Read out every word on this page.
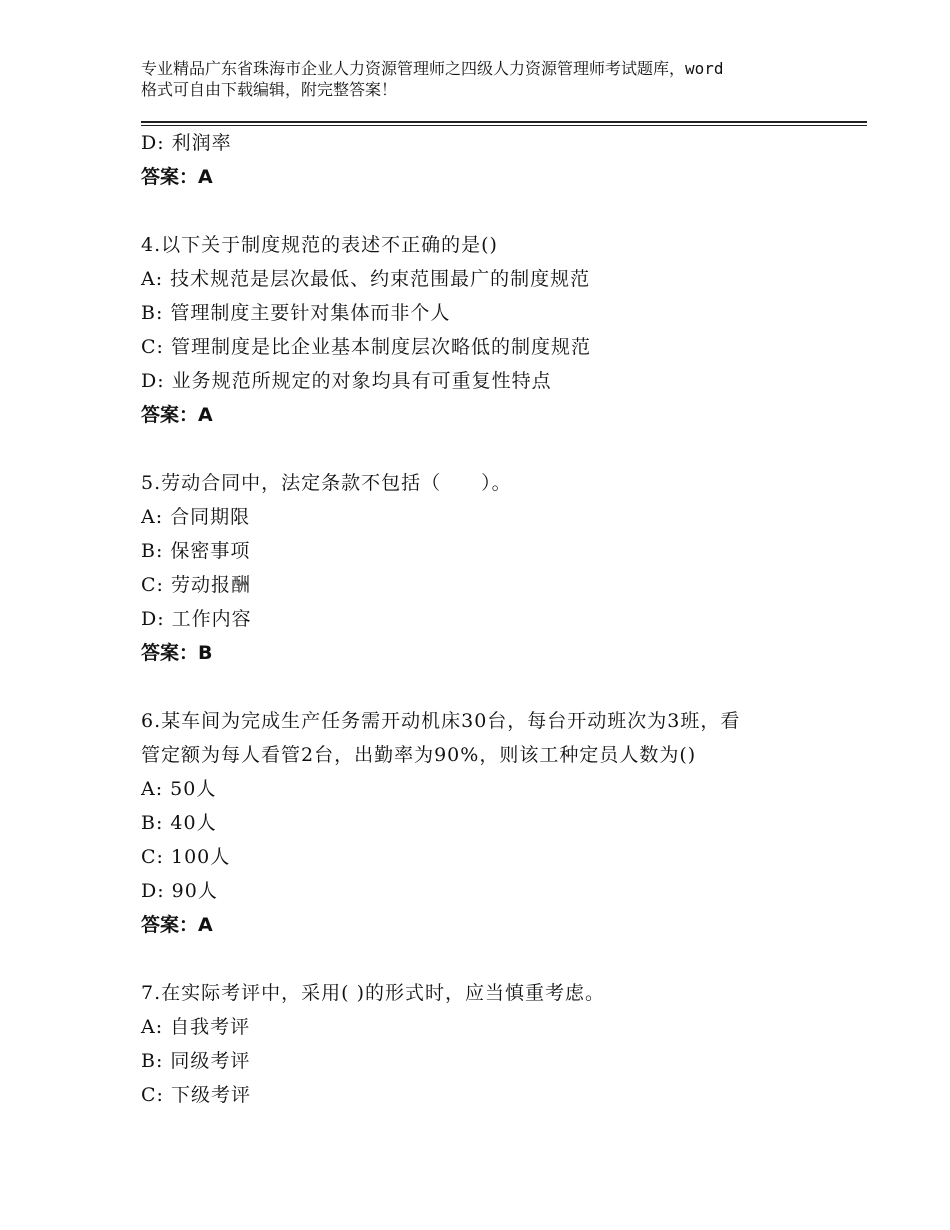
专业精品广东省珠海市企业人力资源管理师之四级人力资源管理师考试题库，word
格式可自由下载编辑，附完整答案！
D: 利润率
答案：A
4.以下关于制度规范的表述不正确的是()
A: 技术规范是层次最低、约束范围最广的制度规范
B: 管理制度主要针对集体而非个人
C: 管理制度是比企业基本制度层次略低的制度规范
D: 业务规范所规定的对象均具有可重复性特点
答案：A
5.劳动合同中，法定条款不包括（　　）。
A: 合同期限
B: 保密事项
C: 劳动报酬
D: 工作内容
答案：B
6.某车间为完成生产任务需开动机床30台，每台开动班次为3班，看
管定额为每人看管2台，出勤率为90%，则该工种定员人数为()
A: 50人
B: 40人
C: 100人
D: 90人
答案：A
7.在实际考评中，采用( )的形式时，应当慎重考虑。
A: 自我考评
B: 同级考评
C: 下级考评
